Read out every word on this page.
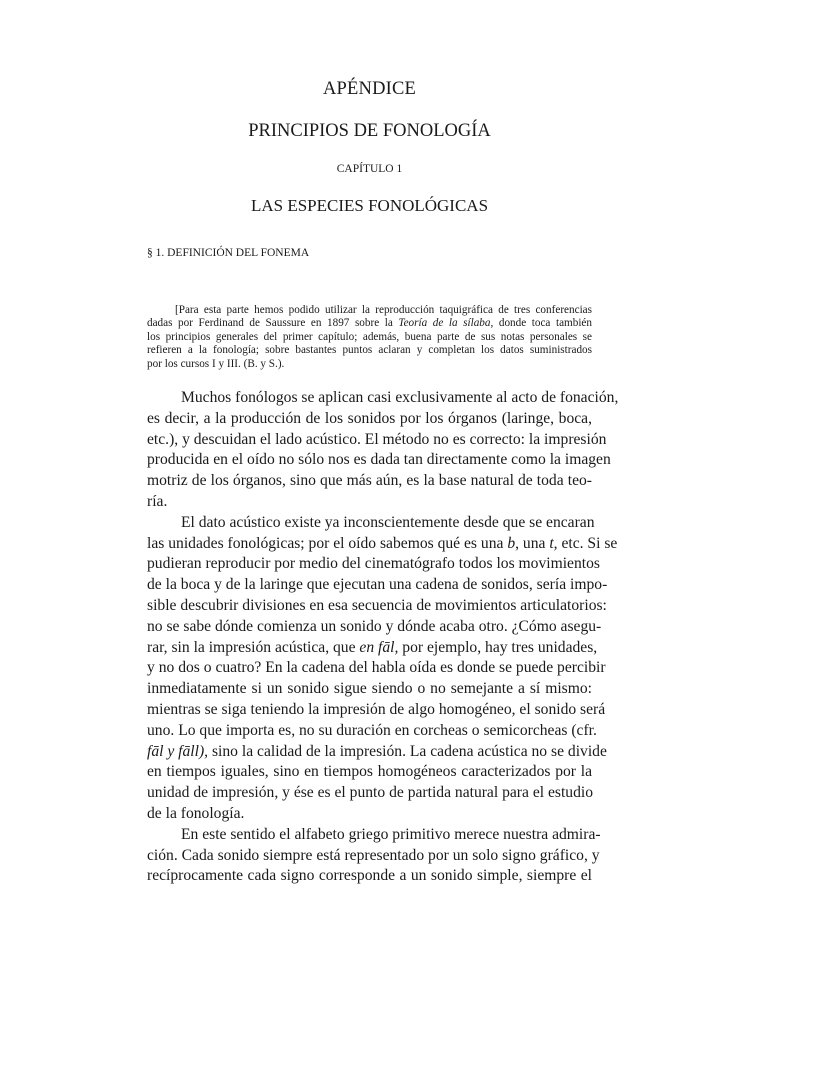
APÉNDICE
PRINCIPIOS DE FONOLOGÍA
CAPÍTULO 1
LAS ESPECIES FONOLÓGICAS
§ 1. DEFINICIÓN DEL FONEMA
[Para esta parte hemos podido utilizar la reproducción taquigráfica de tres conferencias
dadas por Ferdinand de Saussure en 1897 sobre la Teoría de la sílaba, donde toca también
los principios generales del primer capítulo; además, buena parte de sus notas personales se
refieren a la fonología; sobre bastantes puntos aclaran y completan los datos suministrados
por los cursos I y III. (B. y S.).
Muchos fonólogos se aplican casi exclusivamente al acto de fonación,
es decir, a la producción de los sonidos por los órganos (laringe, boca,
etc.), y descuidan el lado acústico. El método no es correcto: la impresión
producida en el oído no sólo nos es dada tan directamente como la imagen
motriz de los órganos, sino que más aún, es la base natural de toda teo-
ría.
El dato acústico existe ya inconscientemente desde que se encaran
las unidades fonológicas; por el oído sabemos qué es una b, una t, etc. Si se
pudieran reproducir por medio del cinematógrafo todos los movimientos
de la boca y de la laringe que ejecutan una cadena de sonidos, sería impo-
sible descubrir divisiones en esa secuencia de movimientos articulatorios:
no se sabe dónde comienza un sonido y dónde acaba otro. ¿Cómo asegu-
rar, sin la impresión acústica, que en fāl, por ejemplo, hay tres unidades,
y no dos o cuatro? En la cadena del habla oída es donde se puede percibir
inmediatamente si un sonido sigue siendo o no semejante a sí mismo:
mientras se siga teniendo la impresión de algo homogéneo, el sonido será
uno. Lo que importa es, no su duración en corcheas o semicorcheas (cfr.
fāl y fāll), sino la calidad de la impresión. La cadena acústica no se divide
en tiempos iguales, sino en tiempos homogéneos caracterizados por la
unidad de impresión, y ése es el punto de partida natural para el estudio
de la fonología.
En este sentido el alfabeto griego primitivo merece nuestra admira-
ción. Cada sonido siempre está representado por un solo signo gráfico, y
recíprocamente cada signo corresponde a un sonido simple, siempre el
